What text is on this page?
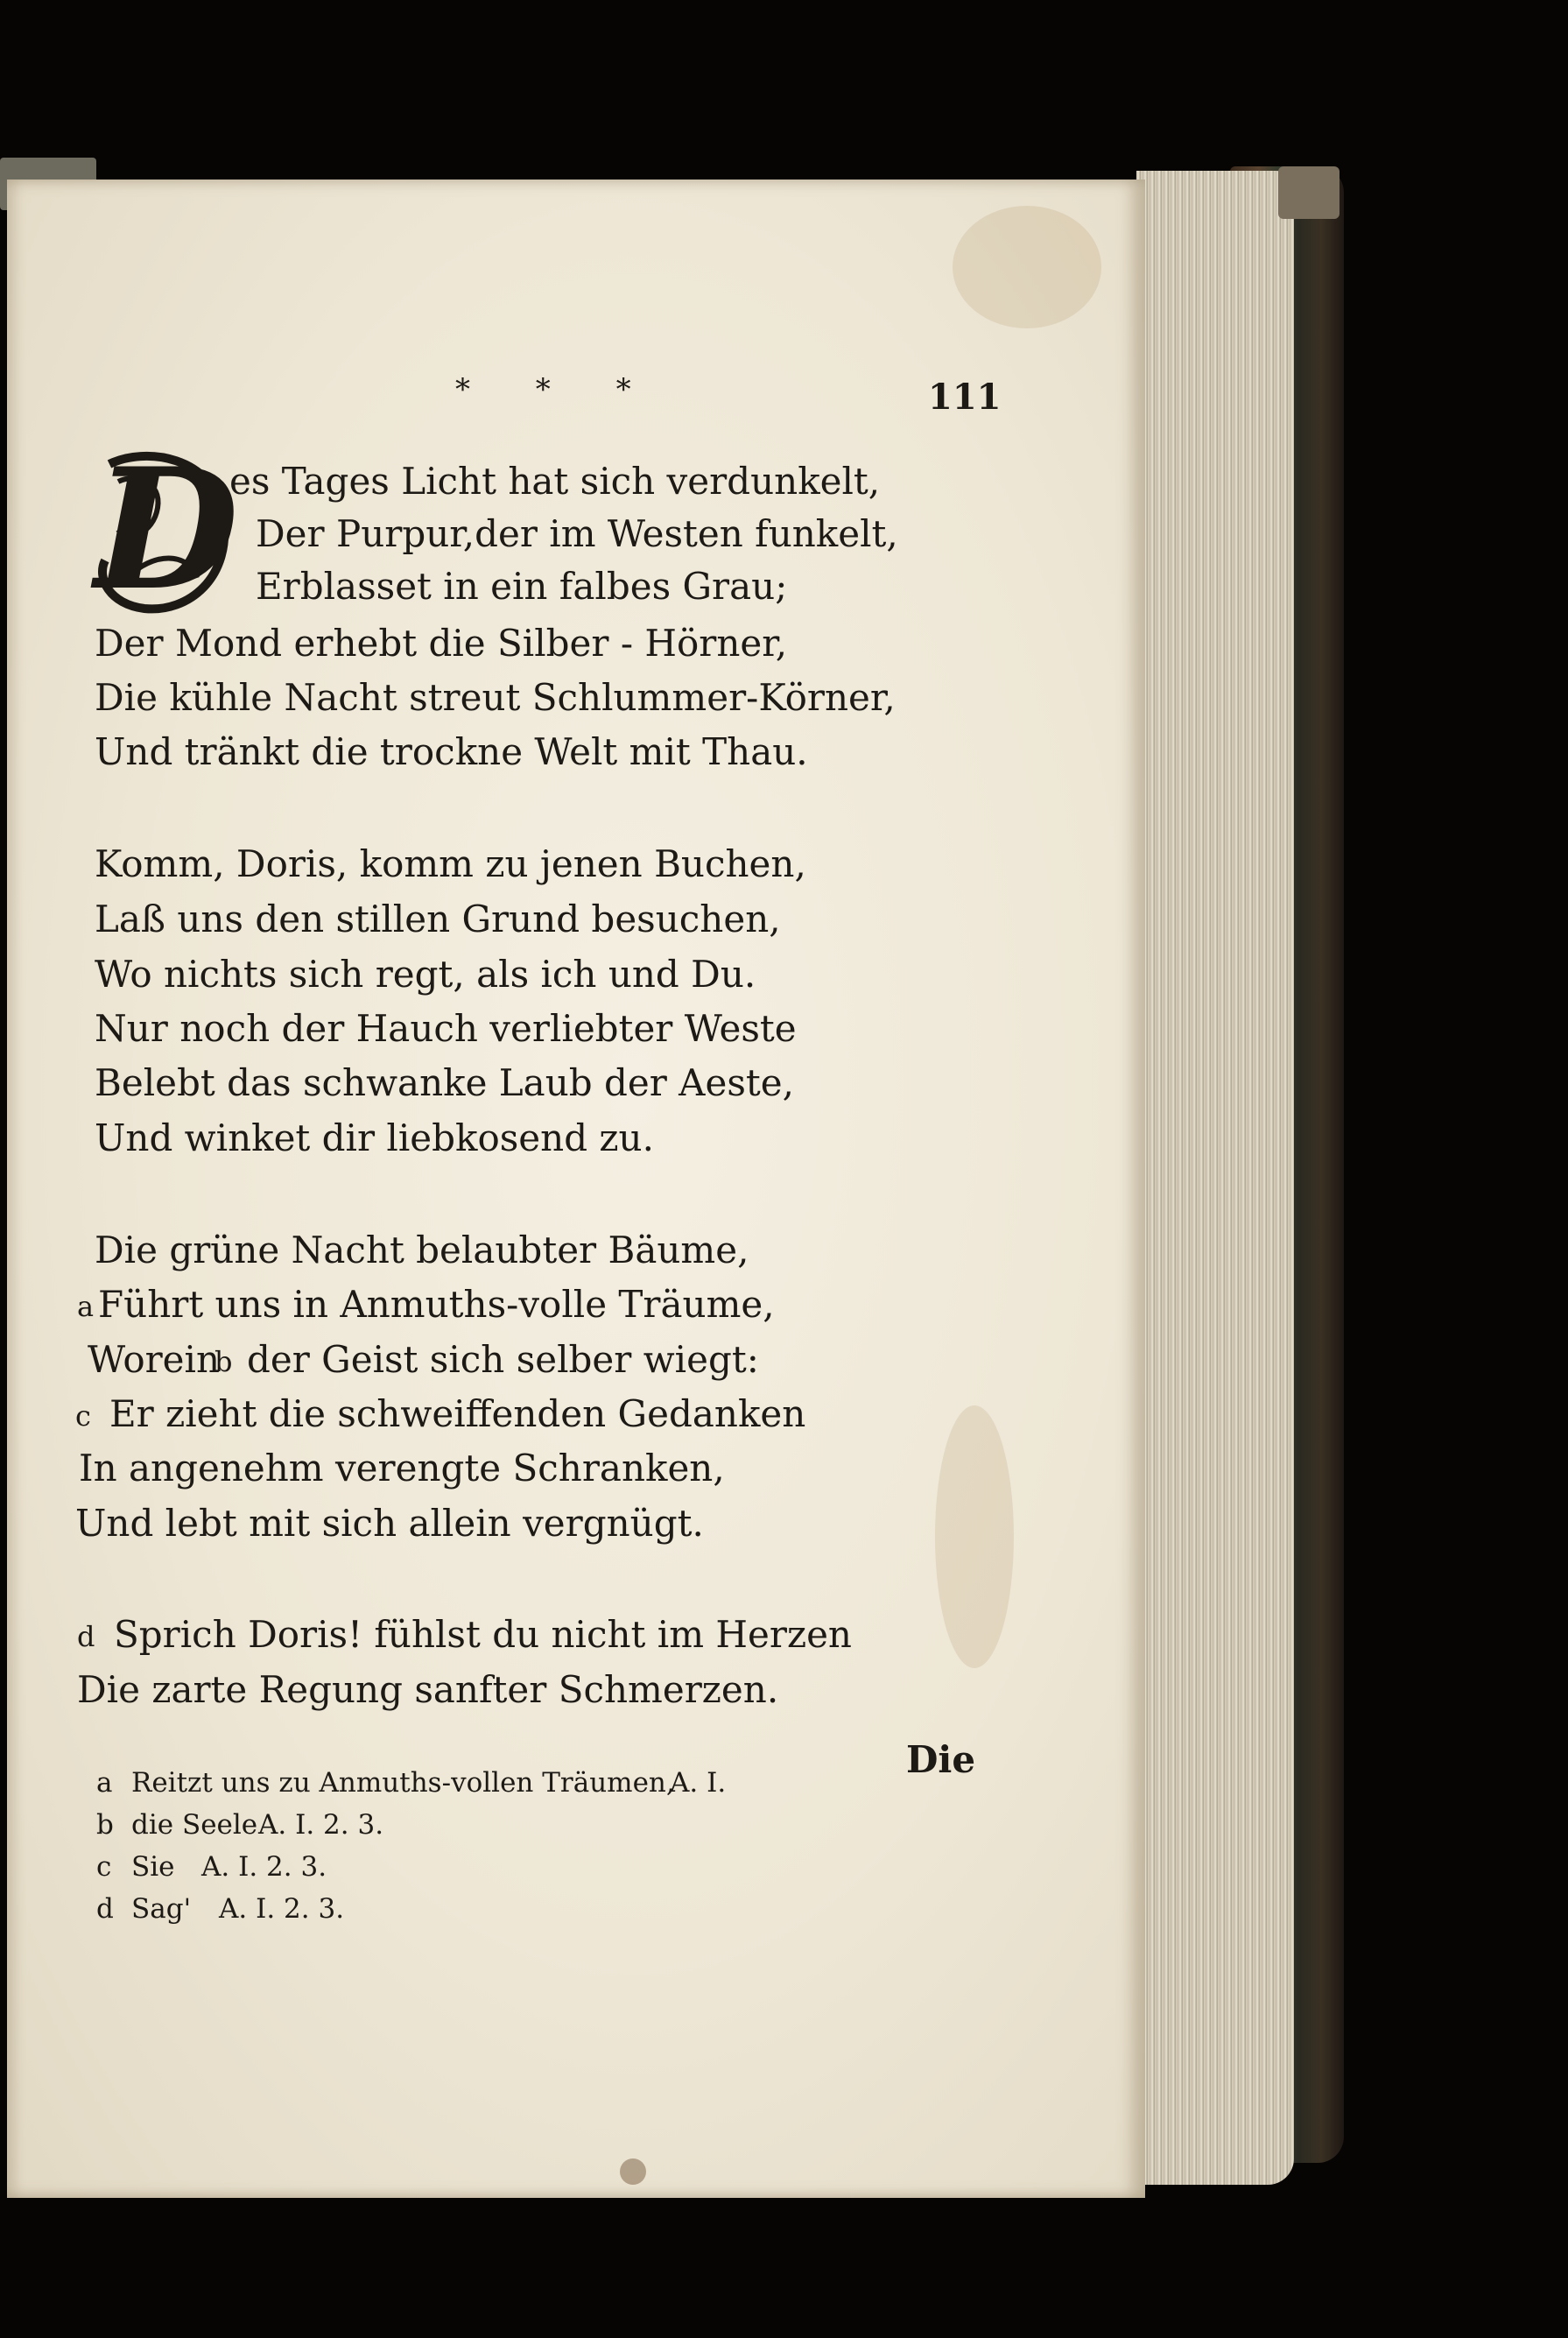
* * *	111
D
es Tages Licht hat sich verdunkelt,
Der Purpur,der im Westen funkelt,
Erblasset in ein falbes Grau;
Der Mond erhebt die Silber - Hörner,
Die kühle Nacht streut Schlummer-Körner,
Und tränkt die trockne Welt mit Thau.
Komm, Doris, komm zu jenen Buchen,
Laß uns den stillen Grund besuchen,
Wo nichts sich regt, als ich und Du.
Nur noch der Hauch verliebter Weste
Belebt das schwanke Laub der Aeste,
Und winket dir liebkosend zu.
Die grüne Nacht belaubter Bäume,
a Führt uns in Anmuths-volle Träume,
Worein
b der Geist sich selber wiegt:
c Er zieht die schweiffenden Gedanken
In angenehm verengte Schranken,
Und lebt mit sich allein vergnügt.
d Sprich Doris! fühlst du nicht im Herzen
Die zarte Regung sanfter Schmerzen.
Die
a Reitzt uns zu Anmuths-vollen Träumen,
A. I.
b die Seele A. I. 2. 3.
c Sie A. I. 2. 3.
d Sag' A. I. 2. 3.
